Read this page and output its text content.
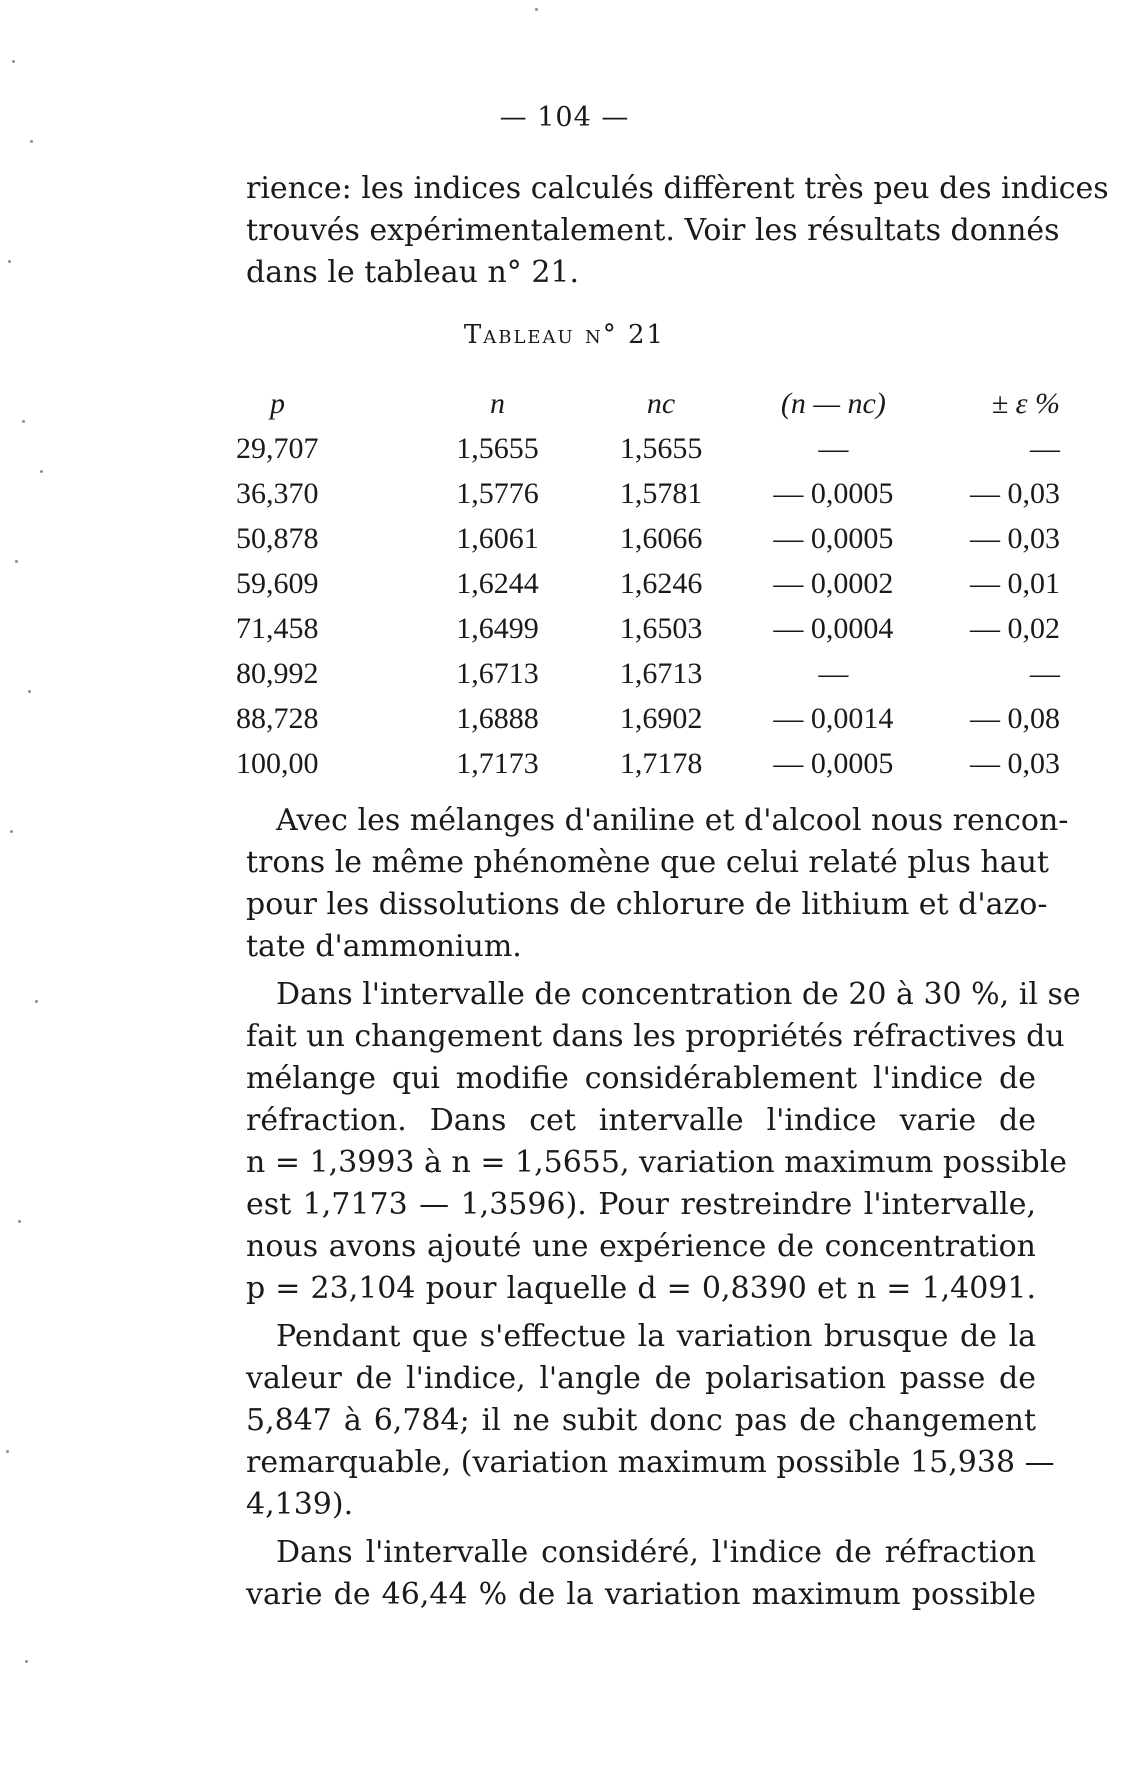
— 104 —
rience: les indices calculés diffèrent très peu des indices
trouvés expérimentalement. Voir les résultats donnés
dans le tableau n° 21.
Tableau n° 21
p	n	nc	(n — nc)	± ε %
29,707	1,5655	1,5655	—	—
36,370	1,5776	1,5781	— 0,0005	— 0,03
50,878	1,6061	1,6066	— 0,0005	— 0,03
59,609	1,6244	1,6246	— 0,0002	— 0,01
71,458	1,6499	1,6503	— 0,0004	— 0,02
80,992	1,6713	1,6713	—	—
88,728	1,6888	1,6902	— 0,0014	— 0,08
100,00	1,7173	1,7178	— 0,0005	— 0,03
Avec les mélanges d'aniline et d'alcool nous rencon-
trons le même phénomène que celui relaté plus haut
pour les dissolutions de chlorure de lithium et d'azo-
tate d'ammonium.
Dans l'intervalle de concentration de 20 à 30 %, il se
fait un changement dans les propriétés réfractives du
mélange qui modifie considérablement l'indice de
réfraction. Dans cet intervalle l'indice varie de
n = 1,3993 à n = 1,5655, variation maximum possible
est 1,7173 — 1,3596). Pour restreindre l'intervalle,
nous avons ajouté une expérience de concentration
p = 23,104 pour laquelle d = 0,8390 et n = 1,4091.
Pendant que s'effectue la variation brusque de la
valeur de l'indice, l'angle de polarisation passe de
5,847 à 6,784; il ne subit donc pas de changement
remarquable, (variation maximum possible 15,938 —
4,139).
Dans l'intervalle considéré, l'indice de réfraction
varie de 46,44 % de la variation maximum possible
